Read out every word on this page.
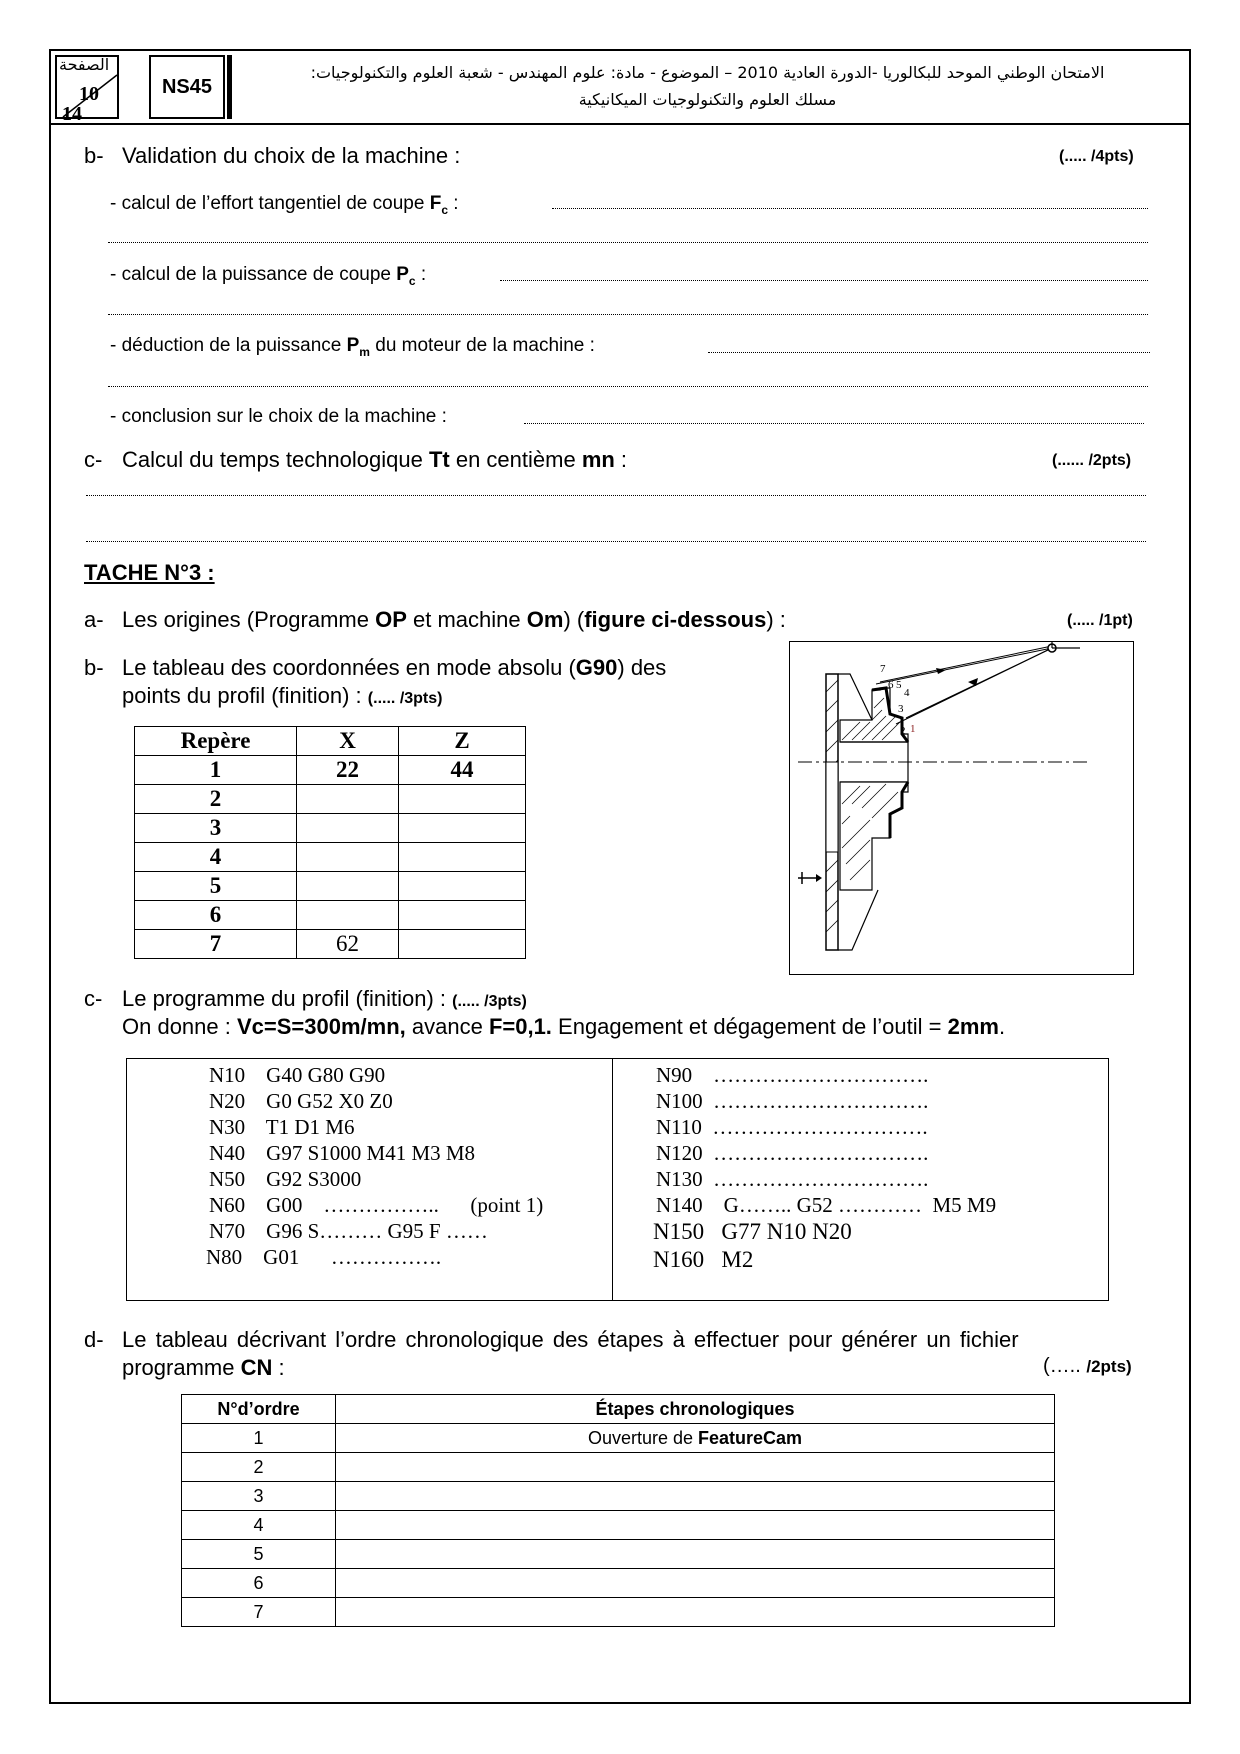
الصفحة
10
14
NS45
الامتحان الوطني الموحد للبكالوريا -الدورة العادية 2010 – الموضوع - مادة: علوم المهندس - شعبة العلوم والتكنولوجيات:
مسلك العلوم والتكنولوجيات الميكانيكية
b- Validation du choix de la machine :	(..... /4pts)
- calcul de l’effort tangentiel de coupe $F_c$ :
- calcul de la puissance de coupe $P_c$ :
- déduction de la puissance $P_m$ du moteur de la machine :
- conclusion sur le choix de la machine :
c- Calcul du temps technologique Tt en centième mn :	(...... /2pts)
TACHE N°3 :
a- Les origines (Programme OP et machine Om) (figure ci-dessous) :	(..... /1pt)
b- Le tableau des coordonnées en mode absolu (G90) des
points du profil (finition) : (..... /3pts)
Repère	X	Z
1	22	44
2		
3		
4		
5		
6		
7	62	
1
2
3
4
5
6
7
c- Le programme du profil (finition) : (..... /3pts)
On donne : Vc=S=300m/mn, avance F=0,1. Engagement et dégagement de l’outil = 2mm.
N10 G40 G80 G90
N20 G0 G52 X0 Z0
N30 T1 D1 M6
N40 G97 S1000 M41 M3 M8
N50 G92 S3000
N60 G00    ……………..      (point 1)
N70 G96 S……… G95 F ……
N80 G01      …………….
N90 ………………………….
N100 ………………………….
N110 ………………………….
N120 ………………………….
N130 ………………………….
N140    G…….. G52 …………  M5 M9
N150 G77 N10 N20
N160 M2
d- Le tableau décrivant l’ordre chronologique des étapes à effectuer pour générer un fichier
programme CN :	(….. /2pts)
N°d’ordre	Étapes chronologiques
1	Ouverture de FeatureCam
2	
3	
4	
5	
6	
7	
